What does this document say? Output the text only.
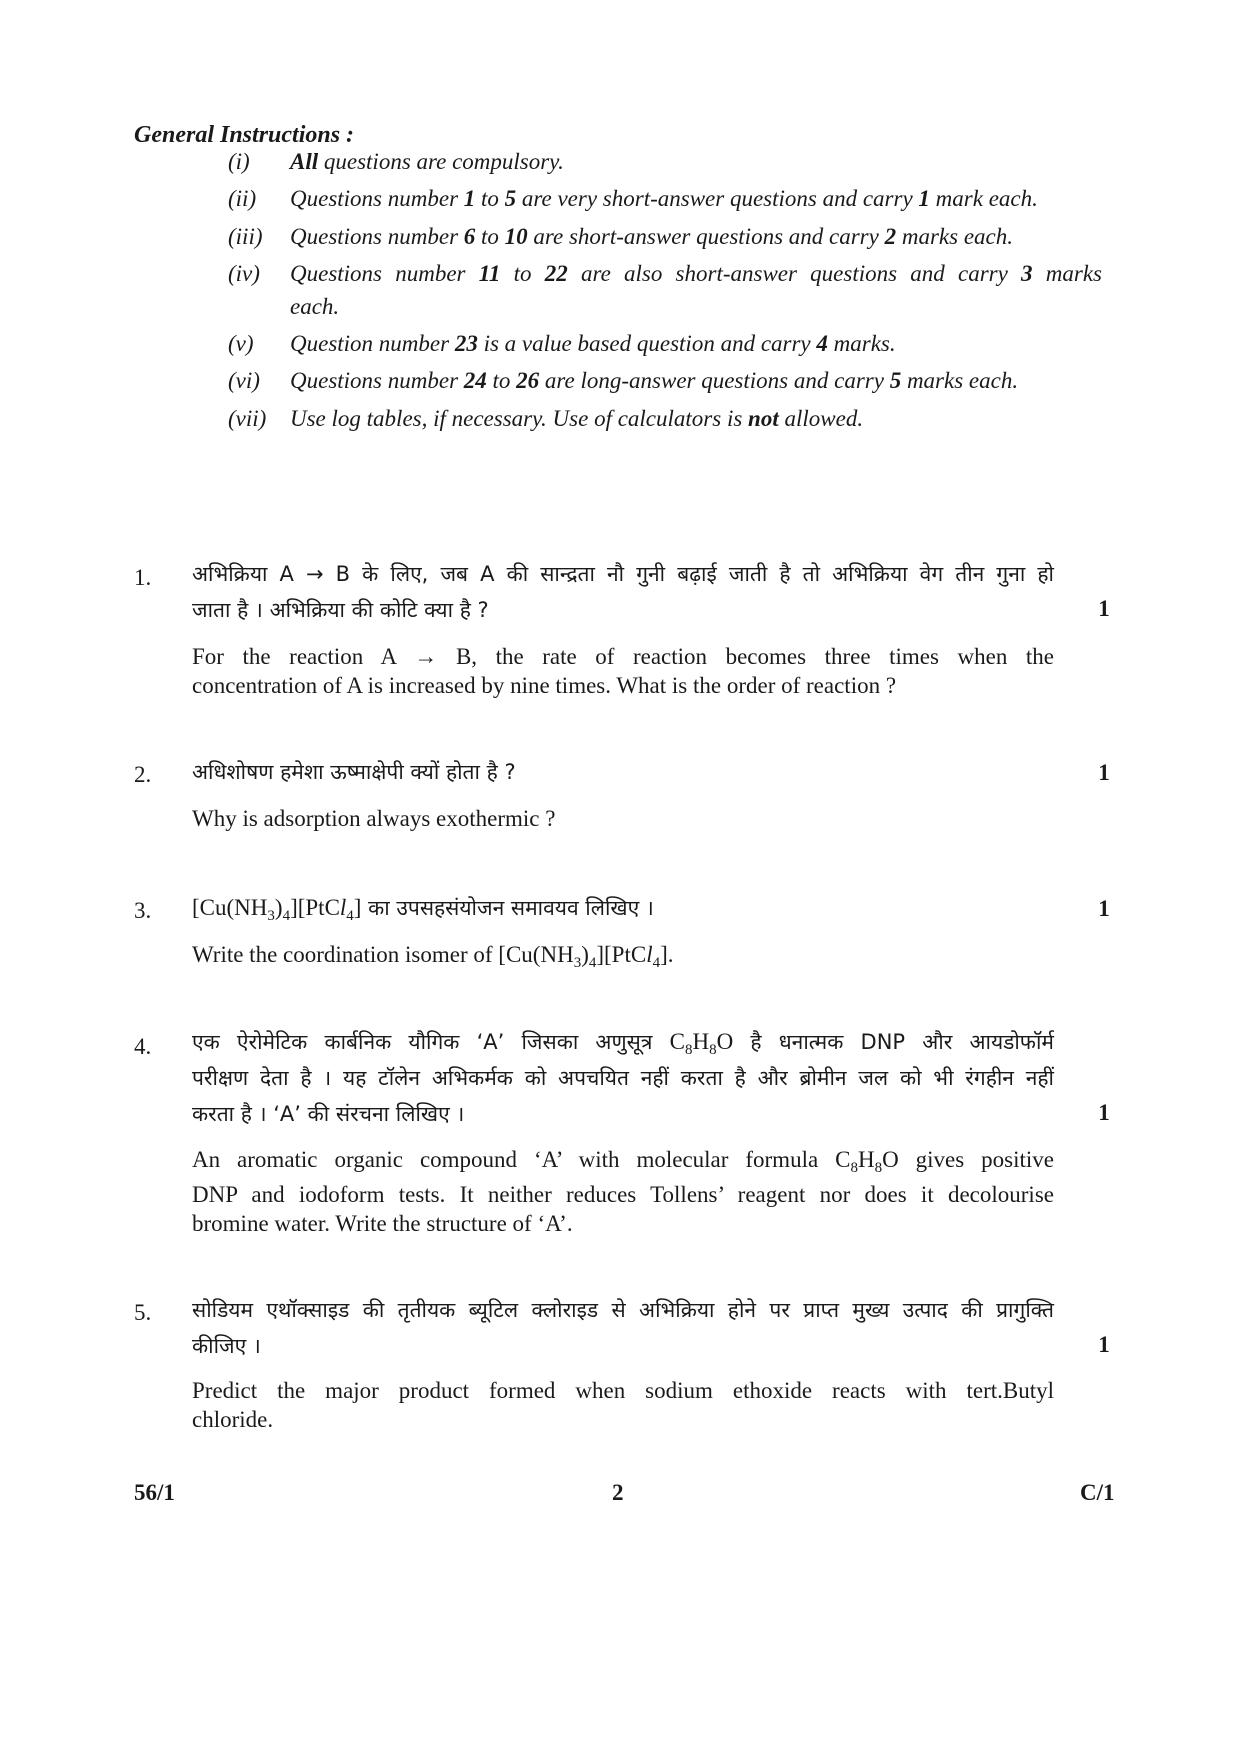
General Instructions :
(i) All questions are compulsory.
(ii) Questions number 1 to 5 are very short-answer questions and carry 1 mark each.
(iii) Questions number 6 to 10 are short-answer questions and carry 2 marks each.
(iv) Questions number 11 to 22 are also short-answer questions and carry 3 marks
each.
(v) Question number 23 is a value based question and carry 4 marks.
(vi) Questions number 24 to 26 are long-answer questions and carry 5 marks each.
(vii) Use log tables, if necessary. Use of calculators is not allowed.
1. अभिक्रिया A → B के लिए, जब A की सान्द्रता नौ गुनी बढ़ाई जाती है तो अभिक्रिया वेग तीन गुना हो
जाता है । अभिक्रिया की कोटि क्या है ?	1
For the reaction A → B, the rate of reaction becomes three times when the
concentration of A is increased by nine times. What is the order of reaction ?
2. अधिशोषण हमेशा ऊष्माक्षेपी क्यों होता है ?	1
Why is adsorption always exothermic ?
3. $[Cu(NH_3)_4][PtCl_4]$ का उपसहसंयोजन समावयव लिखिए ।	1
Write the coordination isomer of $[Cu(NH_3)_4][PtCl_4]$.
4. एक ऐरोमेटिक कार्बनिक यौगिक ‘A’ जिसका अणुसूत्र $C_8H_8O$ है धनात्मक DNP और आयडोफॉर्म
परीक्षण देता है । यह टॉलेन अभिकर्मक को अपचयित नहीं करता है और ब्रोमीन जल को भी रंगहीन नहीं
करता है । ‘A’ की संरचना लिखिए ।	1
An aromatic organic compound ‘A’ with molecular formula $C_8H_8O$ gives positive
DNP and iodoform tests. It neither reduces Tollens’ reagent nor does it decolourise
bromine water. Write the structure of ‘A’.
5. सोडियम एथॉक्साइड की तृतीयक ब्यूटिल क्लोराइड से अभिक्रिया होने पर प्राप्त मुख्य उत्पाद की प्रागुक्ति
कीजिए ।	1
Predict the major product formed when sodium ethoxide reacts with tert.Butyl
chloride.
56/1	2	C/1
